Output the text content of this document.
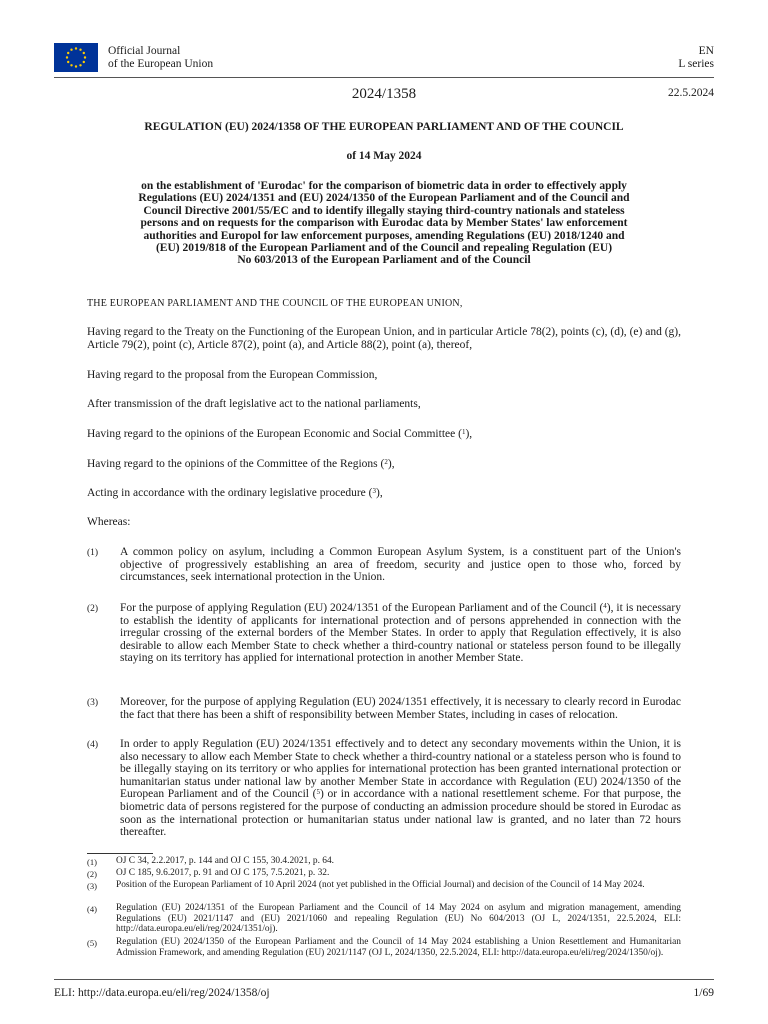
Official Journal
of the European Union
EN
L series
2024/1358	22.5.2024
REGULATION (EU) 2024/1358 OF THE EUROPEAN PARLIAMENT AND OF THE COUNCIL
of 14 May 2024
on the establishment of 'Eurodac' for the comparison of biometric data in order to effectively apply
Regulations (EU) 2024/1351 and (EU) 2024/1350 of the European Parliament and of the Council and
Council Directive 2001/55/EC and to identify illegally staying third-country nationals and stateless
persons and on requests for the comparison with Eurodac data by Member States' law enforcement
authorities and Europol for law enforcement purposes, amending Regulations (EU) 2018/1240 and
(EU) 2019/818 of the European Parliament and of the Council and repealing Regulation (EU)
No 603/2013 of the European Parliament and of the Council
THE EUROPEAN PARLIAMENT AND THE COUNCIL OF THE EUROPEAN UNION,
Having regard to the Treaty on the Functioning of the European Union, and in particular Article 78(2), points (c), (d), (e) and (g), Article 79(2), point (c), Article 87(2), point (a), and Article 88(2), point (a), thereof,
Having regard to the proposal from the European Commission,
After transmission of the draft legislative act to the national parliaments,
Having regard to the opinions of the European Economic and Social Committee ($^1$),
Having regard to the opinions of the Committee of the Regions ($^2$),
Acting in accordance with the ordinary legislative procedure ($^3$),
Whereas:
(1) A common policy on asylum, including a Common European Asylum System, is a constituent part of the Union's objective of progressively establishing an area of freedom, security and justice open to those who, forced by circumstances, seek international protection in the Union.
(2) For the purpose of applying Regulation (EU) 2024/1351 of the European Parliament and of the Council ($^4$), it is necessary to establish the identity of applicants for international protection and of persons apprehended in connection with the irregular crossing of the external borders of the Member States. In order to apply that Regulation effectively, it is also desirable to allow each Member State to check whether a third-country national or stateless person found to be illegally staying on its territory has applied for international protection in another Member State.
(3) Moreover, for the purpose of applying Regulation (EU) 2024/1351 effectively, it is necessary to clearly record in Eurodac the fact that there has been a shift of responsibility between Member States, including in cases of relocation.
(4) In order to apply Regulation (EU) 2024/1351 effectively and to detect any secondary movements within the Union, it is also necessary to allow each Member State to check whether a third-country national or a stateless person who is found to be illegally staying on its territory or who applies for international protection has been granted international protection or humanitarian status under national law by another Member State in accordance with Regulation (EU) 2024/1350 of the European Parliament and of the Council ($^5$) or in accordance with a national resettlement scheme. For that purpose, the biometric data of persons registered for the purpose of conducting an admission procedure should be stored in Eurodac as soon as the international protection or humanitarian status under national law is granted, and no later than 72 hours thereafter.
(1) OJ C 34, 2.2.2017, p. 144 and OJ C 155, 30.4.2021, p. 64.
(2) OJ C 185, 9.6.2017, p. 91 and OJ C 175, 7.5.2021, p. 32.
(3) Position of the European Parliament of 10 April 2024 (not yet published in the Official Journal) and decision of the Council of 14 May 2024.
(4) Regulation (EU) 2024/1351 of the European Parliament and the Council of 14 May 2024 on asylum and migration management, amending Regulations (EU) 2021/1147 and (EU) 2021/1060 and repealing Regulation (EU) No 604/2013 (OJ L, 2024/1351, 22.5.2024, ELI: http://data.europa.eu/eli/reg/2024/1351/oj).
(5) Regulation (EU) 2024/1350 of the European Parliament and the Council of 14 May 2024 establishing a Union Resettlement and Humanitarian Admission Framework, and amending Regulation (EU) 2021/1147 (OJ L, 2024/1350, 22.5.2024, ELI: http://data.europa.eu/eli/reg/2024/1350/oj).
ELI: http://data.europa.eu/eli/reg/2024/1358/oj	1/69
